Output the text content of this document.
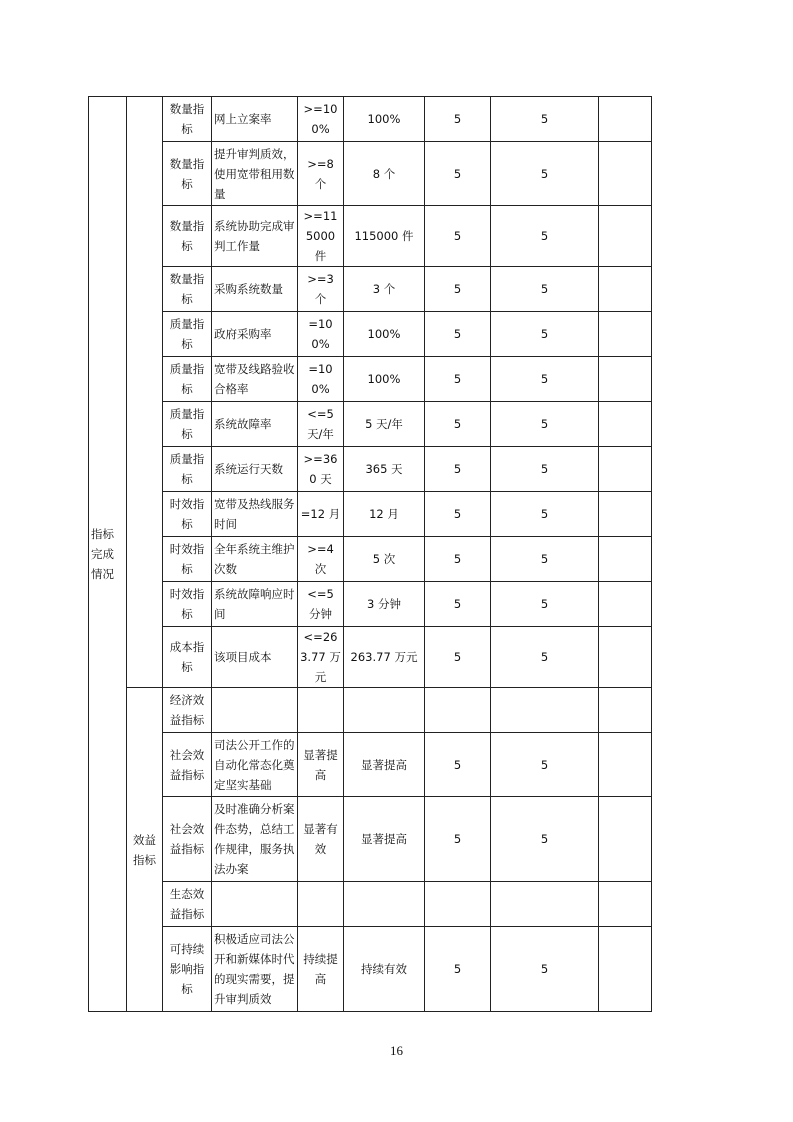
指标完成情况		数量指标	网上立案率	>=100%	100%	5	5	
		数量指标	提升审判质效，使用宽带租用数量	>=8 个	8 个	5	5	
		数量指标	系统协助完成审判工作量	>=115000 件	115000 件	5	5	
		数量指标	采购系统数量	>=3 个	3 个	5	5	
		质量指标	政府采购率	=100%	100%	5	5	
		质量指标	宽带及线路验收合格率	=100%	100%	5	5	
		质量指标	系统故障率	<=5 天/年	5 天/年	5	5	
		质量指标	系统运行天数	>=360 天	365 天	5	5	
		时效指标	宽带及热线服务时间	=12 月	12 月	5	5	
		时效指标	全年系统主维护次数	>=4 次	5 次	5	5	
		时效指标	系统故障响应时间	<=5 分钟	3 分钟	5	5	
		成本指标	该项目成本	<=263.77 万元	263.77 万元	5	5	
	效益指标	经济效益指标						
		社会效益指标	司法公开工作的自动化常态化奠定坚实基础	显著提高	显著提高	5	5	
		社会效益指标	及时准确分析案件态势，总结工作规律，服务执法办案	显著有效	显著提高	5	5	
		生态效益指标						
		可持续影响指标	积极适应司法公开和新媒体时代的现实需要，提升审判质效	持续提高	持续有效	5	5	
16
